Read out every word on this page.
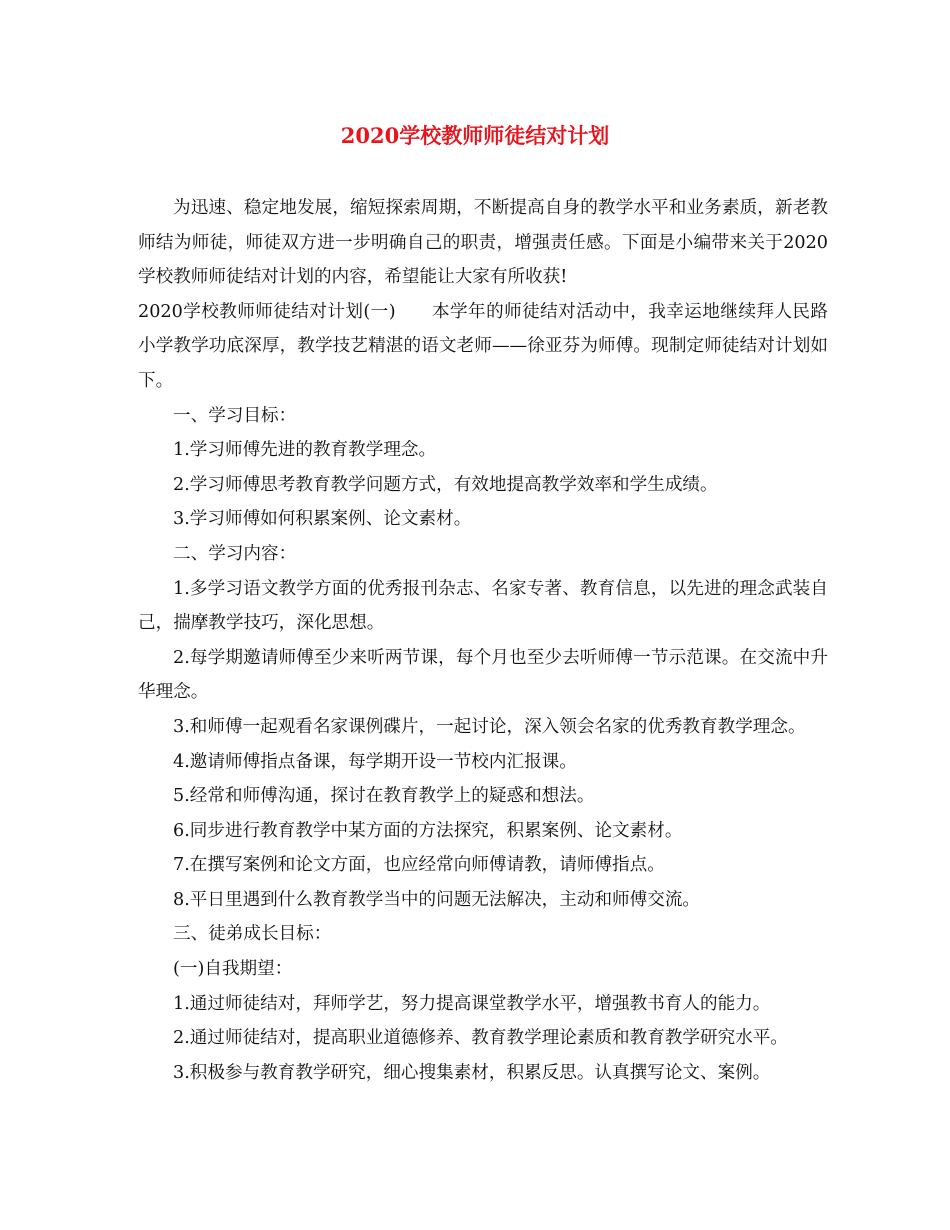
2020学校教师师徒结对计划

为迅速、稳定地发展，缩短探索周期，不断提高自身的教学水平和业务素质，新老教师结为师徒，师徒双方进一步明确自己的职责，增强责任感。下面是小编带来关于2020学校教师师徒结对计划的内容，希望能让大家有所收获!

2020学校教师师徒结对计划(一)　　本学年的师徒结对活动中，我幸运地继续拜人民路小学教学功底深厚，教学技艺精湛的语文老师——徐亚芬为师傅。现制定师徒结对计划如下。

一、学习目标：

1.学习师傅先进的教育教学理念。

2.学习师傅思考教育教学问题方式，有效地提高教学效率和学生成绩。

3.学习师傅如何积累案例、论文素材。

二、学习内容：

1.多学习语文教学方面的优秀报刊杂志、名家专著、教育信息，以先进的理念武装自己，揣摩教学技巧，深化思想。

2.每学期邀请师傅至少来听两节课，每个月也至少去听师傅一节示范课。在交流中升华理念。

3.和师傅一起观看名家课例碟片，一起讨论，深入领会名家的优秀教育教学理念。

4.邀请师傅指点备课，每学期开设一节校内汇报课。

5.经常和师傅沟通，探讨在教育教学上的疑惑和想法。

6.同步进行教育教学中某方面的方法探究，积累案例、论文素材。

7.在撰写案例和论文方面，也应经常向师傅请教，请师傅指点。

8.平日里遇到什么教育教学当中的问题无法解决，主动和师傅交流。

三、徒弟成长目标：

(一)自我期望：

1.通过师徒结对，拜师学艺，努力提高课堂教学水平，增强教书育人的能力。

2.通过师徒结对，提高职业道德修养、教育教学理论素质和教育教学研究水平。

3.积极参与教育教学研究，细心搜集素材，积累反思。认真撰写论文、案例。
